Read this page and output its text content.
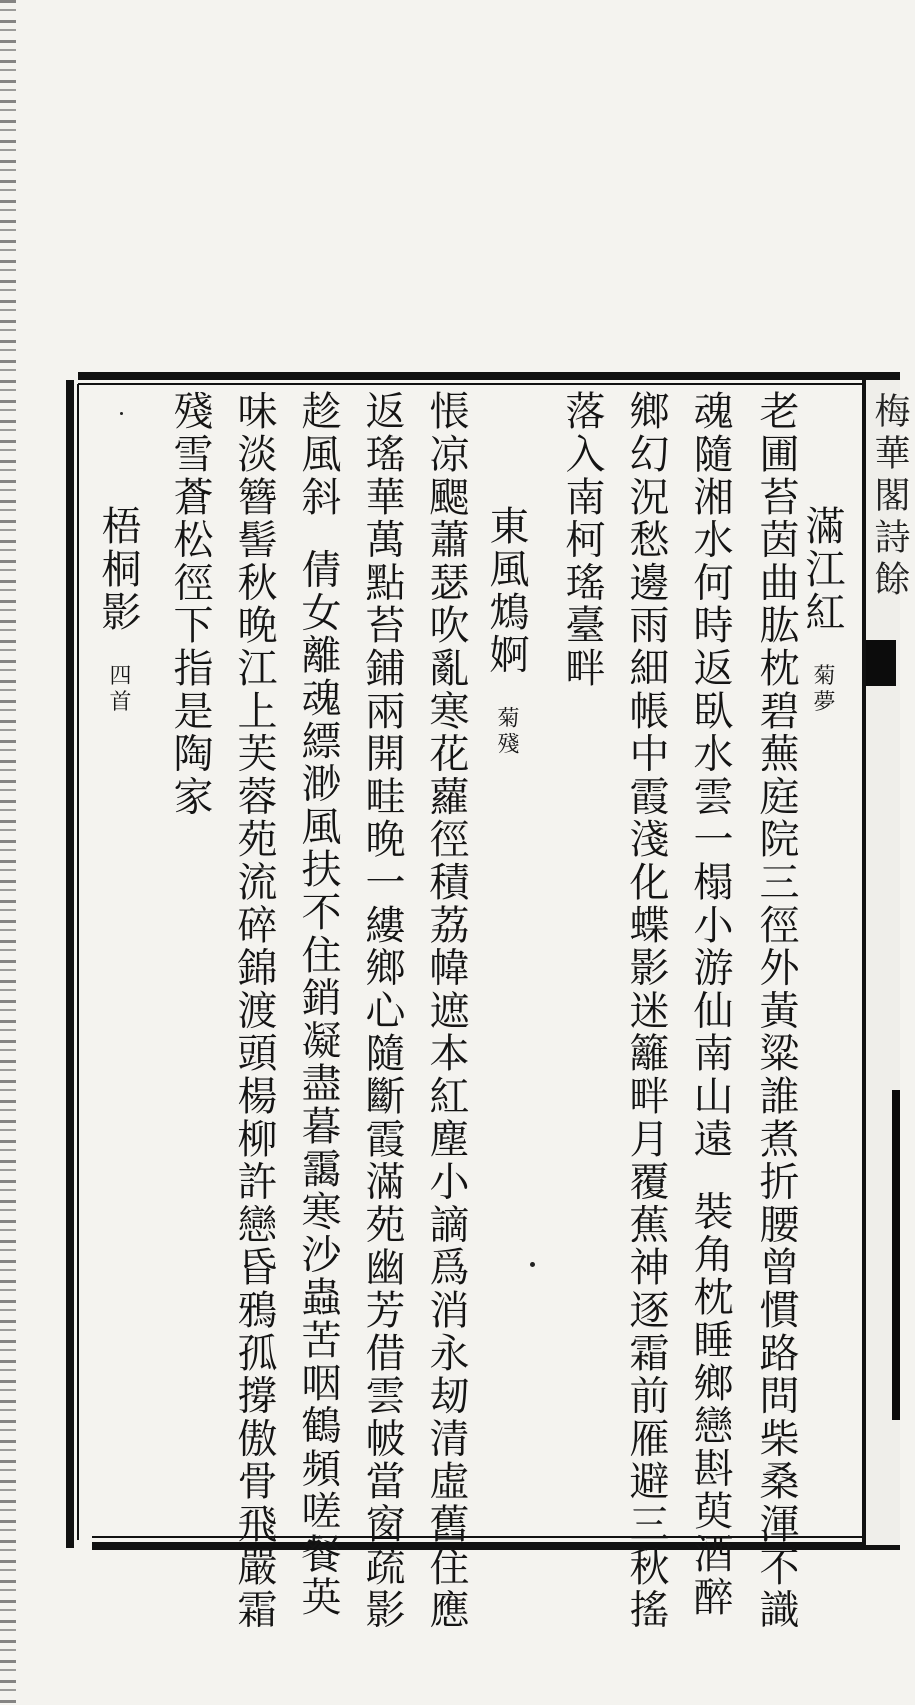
梅華閣詩餘
滿江紅菊夢
老圃苔茵曲肱枕碧蕪庭院三徑外黃粱誰煮折腰曾慣路問柴桑渾不識
魂隨湘水何時返臥水雲一榻小游仙南山遠裝角枕睡鄉戀斟萸酒醉
鄉幻況愁邊雨細帳中霞淺化蝶影迷籬畔月覆蕉神逐霜前雁避三秋搖
落入南柯瑤臺畔
東風鴆婀菊殘
悵凉颸蕭瑟吹亂寒花蘿徑積荔幃遮本紅塵小謫爲消永刼清虛舊住應
返瑤華萬點苔鋪兩開畦晚一縷鄉心隨斷霞滿苑幽芳借雲帔當窗疏影
趁風斜倩女離魂縹渺風扶不住銷凝盡暮靄寒沙蟲苦咽鶴頻嗟餐英
味淡簪髻秋晚江上芙蓉苑流碎錦渡頭楊柳許戀昏鴉孤撐傲骨飛嚴霜
殘雪蒼松徑下指是陶家
梧桐影四首
